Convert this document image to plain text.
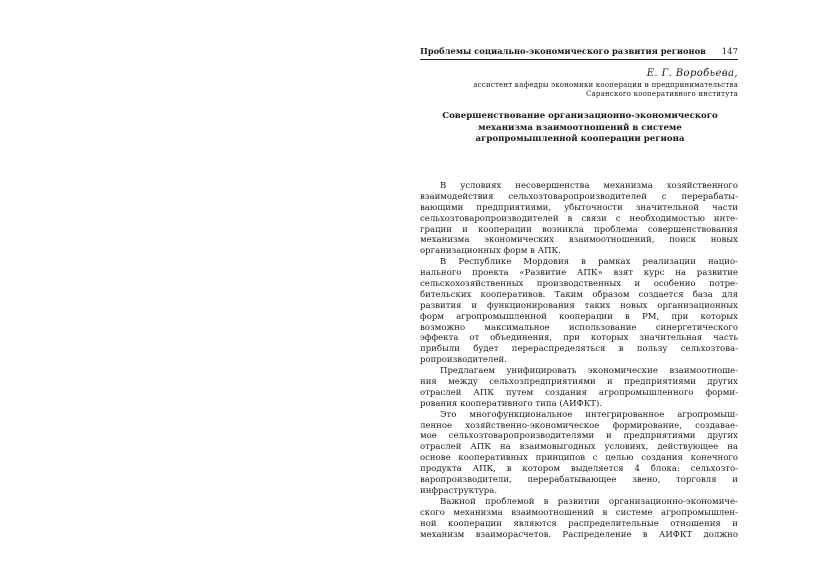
Проблемы социально-экономического развития регионов 147
Е. Г. Воробьева,
ассистент кафедры экономики кооперации и предпринимательства
Саранского кооперативного института
Совершенствование организационно-экономического
механизма взаимоотношений в системе
агропромышленной кооперации региона
В условиях несовершенства механизма хозяйственного
взаимодействия сельхозтоваропроизводителей с перерабаты-
вающими предприятиями, убыточности значительной части
сельхозтоваропроизводителей в связи с необходимостью инте-
грации и кооперации возникла проблема совершенствования
механизма экономических взаимоотношений, поиск новых
организационных форм в АПК.
В Республике Мордовия в рамках реализации нацио-
нального проекта «Развитие АПК» взят курс на развитие
сельскохозяйственных производственных и особенно потре-
бительских кооперативов. Таким образом создается база для
развития и функционирования таких новых организационных
форм агропромышленной кооперации в РМ, при которых
возможно максимальное использование синергетического
эффекта от объединения, при которых значительная часть
прибыли будет перераспределяться в пользу сельхозтова-
ропроизводителей.
Предлагаем унифицировать экономические взаимоотноше-
ния между сельхозпредприятиями и предприятиями других
отраслей АПК путем создания агропромышленного форми-
рования кооперативного типа (АИФКТ).
Это многофункциональное интегрированное агропромыш-
ленное хозяйственно-экономическое формирование, создавае-
мое сельхозтоваропроизводителями и предприятиями других
отраслей АПК на взаимовыгодных условиях, действующее на
основе кооперативных принципов с целью создания конечного
продукта АПК, в котором выделяется 4 блока: сельхозто-
варопроизводители, перерабатывающее звено, торговля и
инфраструктура.
Важной проблемой в развитии организационно-экономиче-
ского механизма взаимоотношений в системе агропромышлен-
ной кооперации являются распределительные отношения и
механизм взаиморасчетов. Распределение в АИФКТ должно
